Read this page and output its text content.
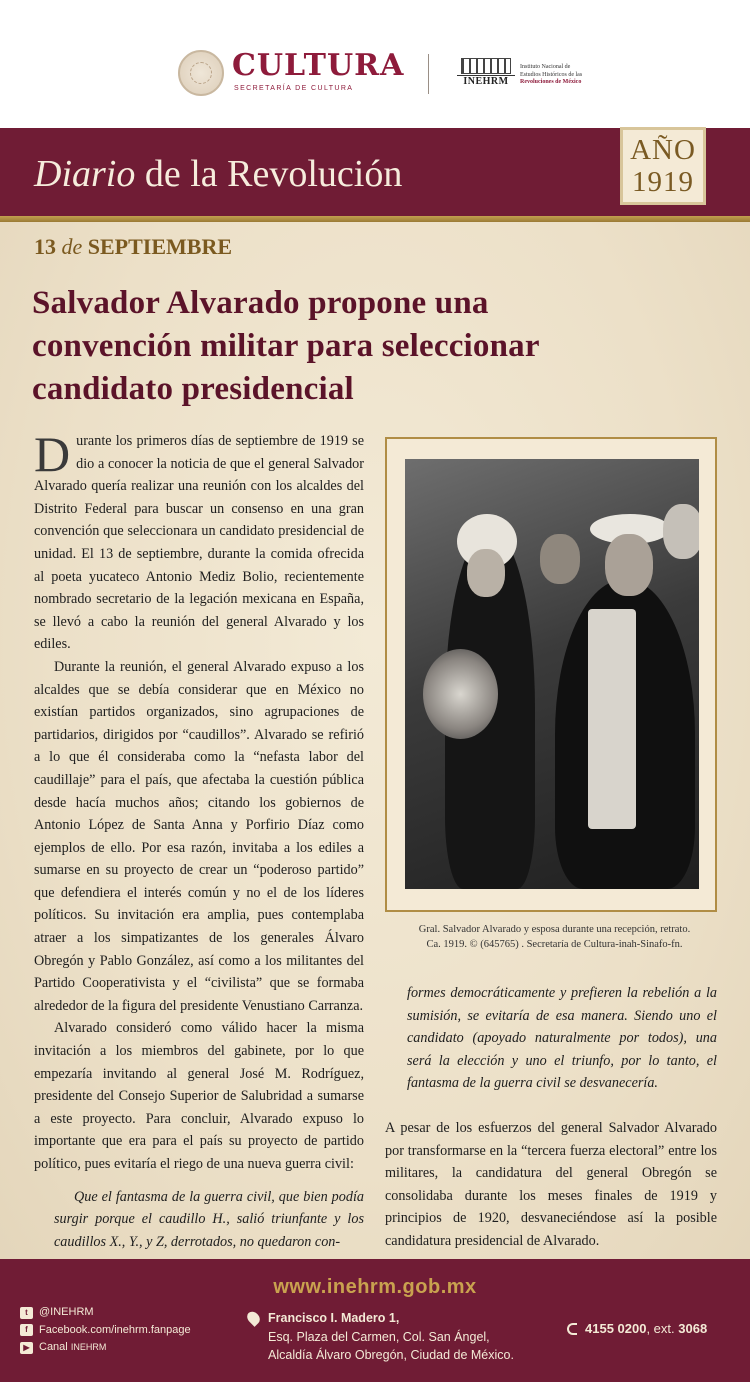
CULTURA
SECRETARÍA DE CULTURA
INEHRM
Instituto Nacional de
Estudios Históricos de las
Revoluciones de México
Diario de la Revolución
AÑO
1919
13 de SEPTIEMBRE
Salvador Alvarado propone una convención militar para seleccionar candidato presidencial

Durante los primeros días de septiembre de 1919 se dio a conocer la noticia de que el general Salvador Alvarado quería realizar una reunión con los alcaldes del Distrito Federal para buscar un consenso en una gran convención que seleccionara un candidato presidencial de unidad. El 13 de septiembre, durante la comida ofrecida al poeta yucateco Antonio Mediz Bolio, recientemente nombrado secretario de la legación mexicana en España, se llevó a cabo la reunión del general Alvarado y los ediles.

Durante la reunión, el general Alvarado expuso a los alcaldes que se debía considerar que en México no existían partidos organizados, sino agrupaciones de partidarios, dirigidos por “caudillos”. Alvarado se refirió a lo que él consideraba como la “nefasta labor del caudillaje” para el país, que afectaba la cuestión pública desde hacía muchos años; citando los gobiernos de Antonio López de Santa Anna y Porfirio Díaz como ejemplos de ello. Por esa razón, invitaba a los ediles a sumarse en su proyecto de crear un “poderoso partido” que defendiera el interés común y no el de los líderes políticos. Su invitación era amplia, pues contemplaba atraer a los simpatizantes de los generales Álvaro Obregón y Pablo González, así como a los militantes del Partido Cooperativista y el “civilista” que se formaba alrededor de la figura del presidente Venustiano Carranza.

Alvarado consideró como válido hacer la misma invitación a los miembros del gabinete, por lo que empezaría invitando al general José M. Rodríguez, presidente del Consejo Superior de Salubridad a sumarse a este proyecto. Para concluir, Alvarado expuso lo importante que era para el país su proyecto de partido político, pues evitaría el riego de una nueva guerra civil:

Que el fantasma de la guerra civil, que bien podía surgir porque el caudillo H., salió triunfante y los caudillos X., Y., y Z, derrotados, no quedaron con-

Gral. Salvador Alvarado y esposa durante una recepción, retrato.
Ca. 1919. © (645765) . Secretaría de Cultura-inah-Sinafo-fn.

formes democráticamente y prefieren la rebelión a la sumisión, se evitaría de esa manera. Siendo uno el candidato (apoyado naturalmente por todos), una será la elección y uno el triunfo, por lo tanto, el fantasma de la guerra civil se desvanecería.

A pesar de los esfuerzos del general Salvador Alvarado por transformarse en la “tercera fuerza electoral” entre los militares, la candidatura del general Obregón se consolidaba durante los meses finales de 1919 y principios de 1920, desvaneciéndose así la posible candidatura presidencial de Alvarado.

www.inehrm.gob.mx
t	@INEHRM
f	Facebook.com/inehrm.fanpage
▶ Canal
INEHRM
Francisco I. Madero 1,
Esq. Plaza del Carmen, Col. San Ángel,
Alcaldía Álvaro Obregón, Ciudad de México.
4155 0200, ext. 3068
